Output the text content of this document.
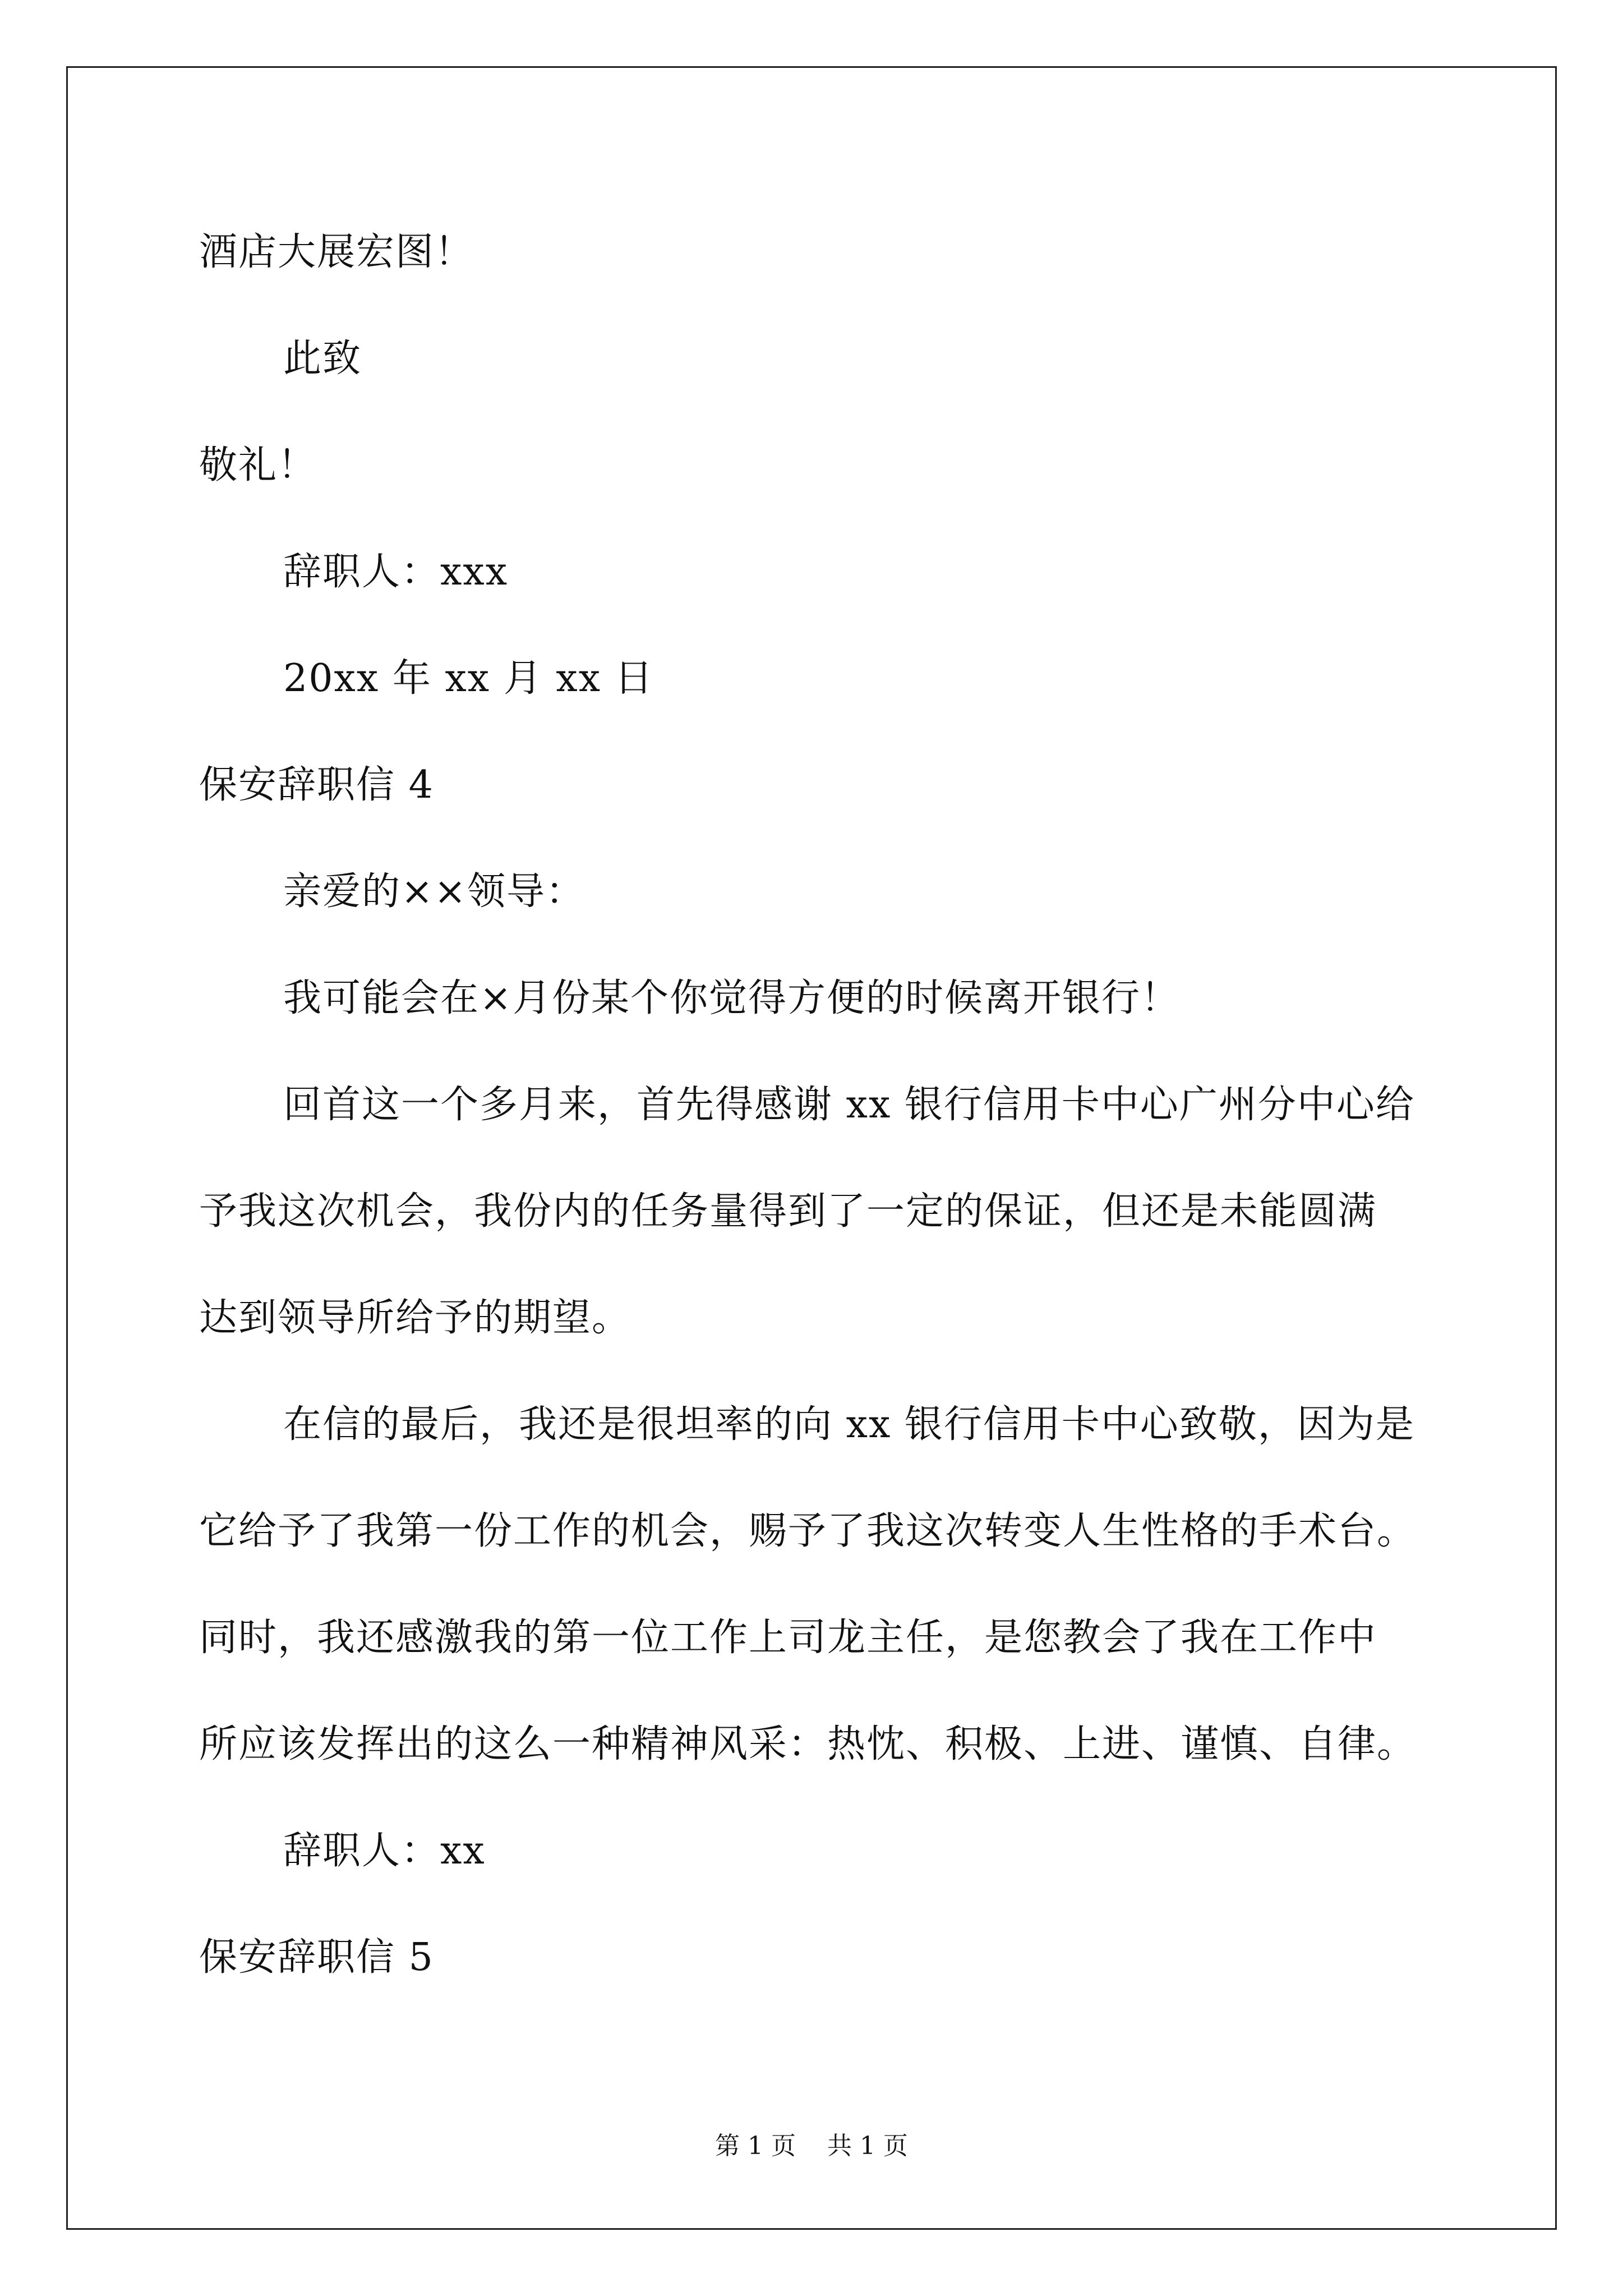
酒店大展宏图！
此致
敬礼！
辞职人：xxx
20xx 年 xx 月 xx 日
保安辞职信 4
亲爱的××领导：
我可能会在×月份某个你觉得方便的时候离开银行！
回首这一个多月来，首先得感谢 xx 银行信用卡中心广州分中心给
予我这次机会，我份内的任务量得到了一定的保证，但还是未能圆满
达到领导所给予的期望。
在信的最后，我还是很坦率的向 xx 银行信用卡中心致敬，因为是
它给予了我第一份工作的机会，赐予了我这次转变人生性格的手术台。
同时，我还感激我的第一位工作上司龙主任，是您教会了我在工作中
所应该发挥出的这么一种精神风采：热忱、积极、上进、谨慎、自律。
辞职人：xx
保安辞职信 5
第 1 页    共 1 页
